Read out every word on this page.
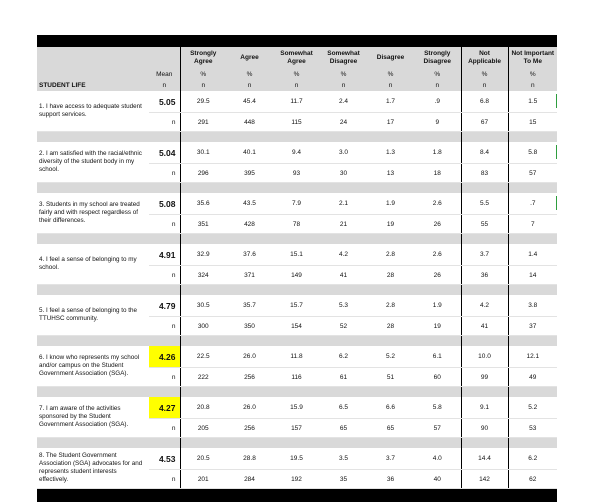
		Strongly Agree	Agree	Somewhat Agree	Somewhat Disagree	Disagree	Strongly Disagree	Not Applicable	Not Important To Me
	Mean	%	%	%	%	%	%	%	%
STUDENT LIFE	n	n	n	n	n	n	n	n	n
1. I have access to adequate student support services.	5.05	29.5	45.4	11.7	2.4	1.7	.9	6.8	1.5

	n	291	448	115	24	17	9	67	15

2. I am satisfied with the racial/ethnic diversity of the student body in my school.	5.04	30.1	40.1	9.4	3.0	1.3	1.8	8.4	5.8

	n	296	395	93	30	13	18	83	57

3. Students in my school are treated fairly and with respect regardless of their differences.	5.08	35.6	43.5	7.9	2.1	1.9	2.6	5.5	.7

	n	351	428	78	21	19	26	55	7

4. I feel a sense of belonging to my school.	4.91	32.9	37.6	15.1	4.2	2.8	2.6	3.7	1.4
	n	324	371	149	41	28	26	36	14

5. I feel a sense of belonging to the TTUHSC community.	4.79	30.5	35.7	15.7	5.3	2.8	1.9	4.2	3.8
	n	300	350	154	52	28	19	41	37

6. I know who represents my school and/or campus on the Student Government Association (SGA).	4.26	22.5	26.0	11.8	6.2	5.2	6.1	10.0	12.1
	n	222	256	116	61	51	60	99	49

7. I am aware of the activities sponsored by the Student Government Association (SGA).	4.27	20.8	26.0	15.9	6.5	6.6	5.8	9.1	5.2
	n	205	256	157	65	65	57	90	53

8. The Student Government Association (SGA) advocates for and represents student interests effectively.	4.53	20.5	28.8	19.5	3.5	3.7	4.0	14.4	6.2
	n	201	284	192	35	36	40	142	62
